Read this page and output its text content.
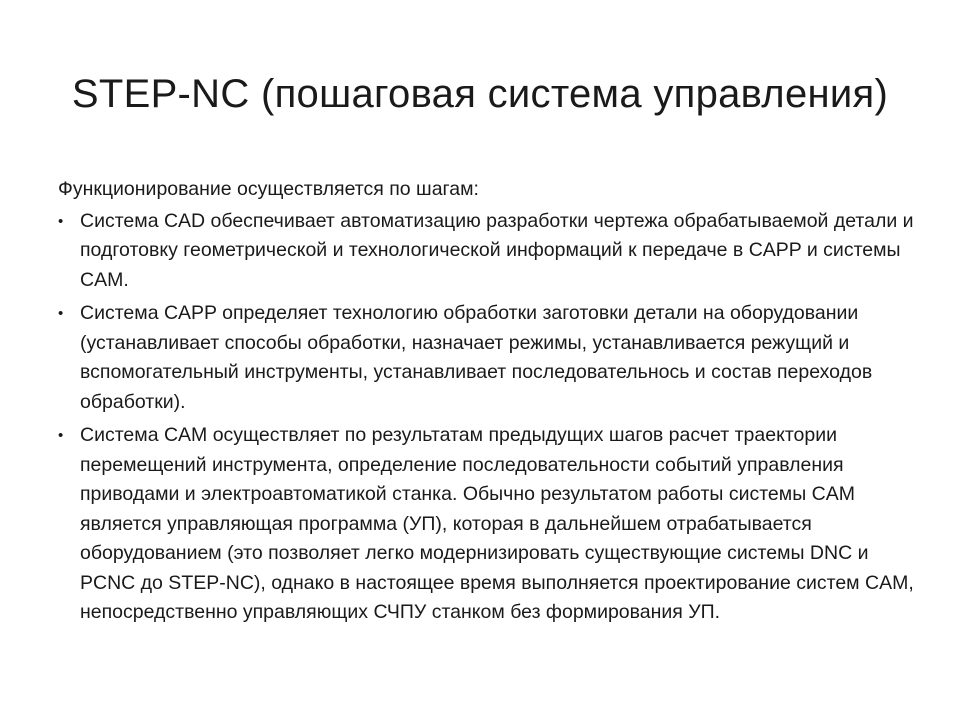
STEP-NC (пошаговая система управления)

Функционирование осуществляется по шагам:

• Система CAD обеспечивает автоматизацию разработки чертежа обрабатываемой детали и подготовку геометрической и технологической информаций к передаче в CAPP и системы CAM.
• Система CAPP определяет технологию обработки заготовки детали на оборудовании (устанавливает способы обработки, назначает режимы, устанавливается режущий и вспомогательный инструменты, устанавливает последовательнось и состав переходов обработки).
• Система CAM осуществляет по результатам предыдущих шагов расчет траектории перемещений инструмента, определение последовательности событий управления приводами и электроавтоматикой станка. Обычно результатом работы системы CAM является управляющая программа (УП), которая в дальнейшем отрабатывается оборудованием (это позволяет легко модернизировать существующие системы DNC и PCNC до STEP-NC), однако в настоящее время выполняется проектирование систем CAM, непосредственно управляющих СЧПУ станком без формирования УП.
